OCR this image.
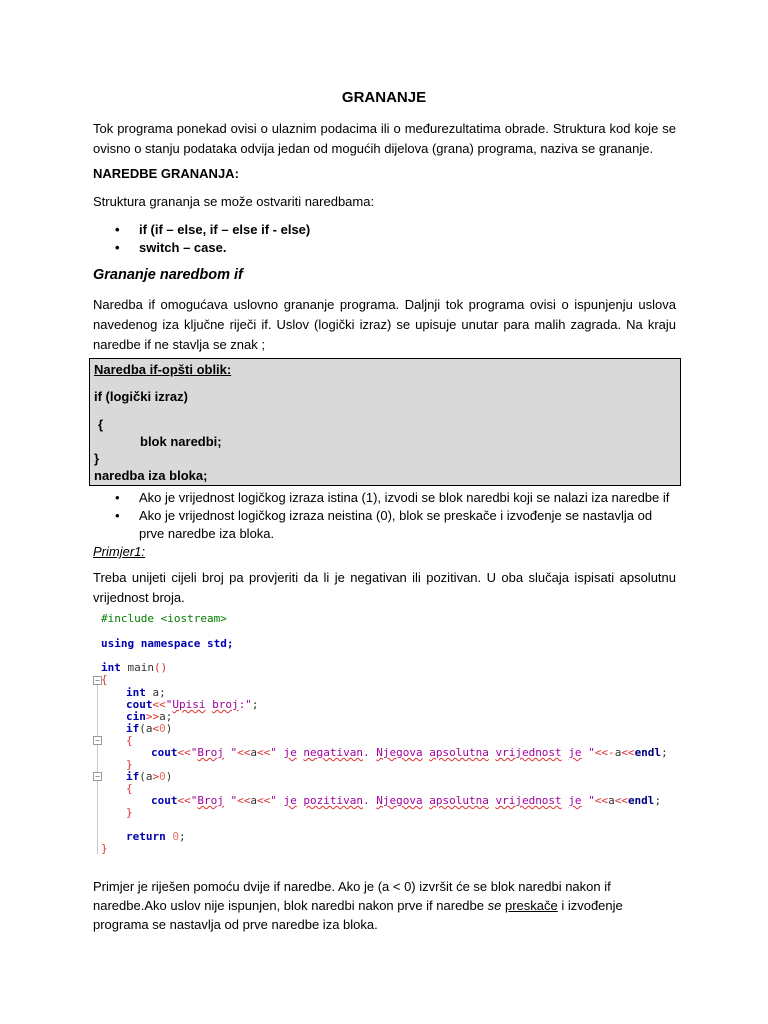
GRANANJE
Tok programa ponekad ovisi o ulaznim podacima ili o međurezultatima obrade. Struktura kod koje se ovisno o stanju podataka odvija jedan od mogućih dijelova (grana) programa, naziva se grananje.
NAREDBE GRANANJA:
Struktura grananja se može ostvariti naredbama:
• if (if – else, if – else if - else)
• switch – case.
Grananje naredbom if
Naredba if omogućava uslovno grananje programa. Daljnji tok programa ovisi o ispunjenju uslova navedenog iza ključne riječi if. Uslov (logički izraz) se upisuje unutar para malih zagrada. Na kraju naredbe if ne stavlja se znak ;
Naredba if-opšti oblik:
if (logički izraz)
{
blok naredbi;
}
naredba iza bloka;
• Ako je vrijednost logičkog izraza istina (1), izvodi se blok naredbi koji se nalazi iza naredbe if
• Ako je vrijednost logičkog izraza neistina (0), blok se preskače i izvođenje se nastavlja od prve naredbe iza bloka.
Primjer1:
Treba unijeti cijeli broj pa provjeriti da li je negativan ili pozitivan. U oba slučaja ispisati apsolutnu vrijednost broja.
−
−
−
#include <iostream>
using namespace std;
int main()
{
int a;
cout<<"Upisi broj:";
cin>>a;
if(a<0)
{
cout<<"Broj "<<a<<" je negativan. Njegova apsolutna vrijednost je "<<-a<<endl;
}
if(a>0)
{
cout<<"Broj "<<a<<" je pozitivan. Njegova apsolutna vrijednost je "<<a<<endl;
}
return 0;
}
Primjer je riješen pomoću dvije if naredbe. Ako je (a < 0) izvršit će se blok naredbi nakon if naredbe.Ako uslov nije ispunjen, blok naredbi nakon prve if naredbe se preskače i izvođenje programa se nastavlja od prve naredbe iza bloka.
